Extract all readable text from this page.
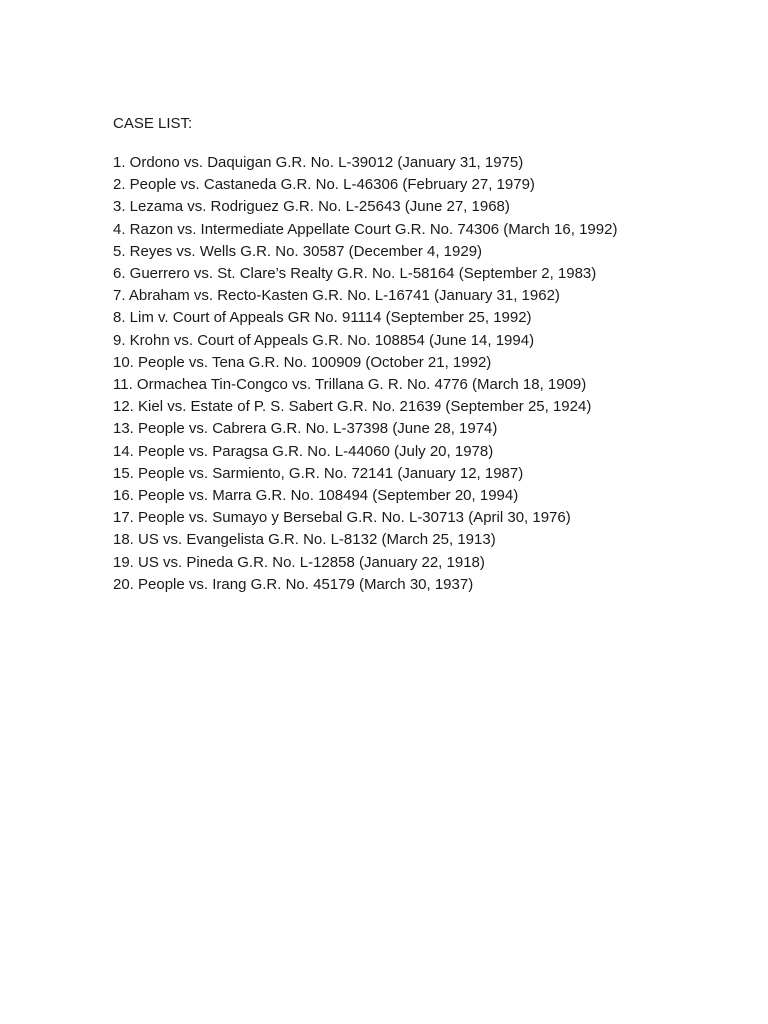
CASE LIST:
1. Ordono vs. Daquigan G.R. No. L-39012 (January 31, 1975)
2. People vs. Castaneda G.R. No. L-46306 (February 27, 1979)
3. Lezama vs. Rodriguez G.R. No. L-25643 (June 27, 1968)
4. Razon vs. Intermediate Appellate Court G.R. No. 74306 (March 16, 1992)
5. Reyes vs. Wells G.R. No. 30587 (December 4, 1929)
6. Guerrero vs. St. Clare’s Realty G.R. No. L-58164 (September 2, 1983)
7. Abraham vs. Recto-Kasten G.R. No. L-16741 (January 31, 1962)
8. Lim v. Court of Appeals GR No. 91114 (September 25, 1992)
9. Krohn vs. Court of Appeals G.R. No. 108854 (June 14, 1994)
10. People vs. Tena G.R. No. 100909 (October 21, 1992)
11. Ormachea Tin-Congco vs. Trillana G. R. No. 4776 (March 18, 1909)
12. Kiel vs. Estate of P. S. Sabert G.R. No. 21639 (September 25, 1924)
13. People vs. Cabrera G.R. No. L-37398 (June 28, 1974)
14. People vs. Paragsa G.R. No. L-44060 (July 20, 1978)
15. People vs. Sarmiento, G.R. No. 72141 (January 12, 1987)
16. People vs. Marra G.R. No. 108494 (September 20, 1994)
17. People vs. Sumayo y Bersebal G.R. No. L-30713 (April 30, 1976)
18. US vs. Evangelista G.R. No. L-8132 (March 25, 1913)
19. US vs. Pineda G.R. No. L-12858 (January 22, 1918)
20. People vs. Irang G.R. No. 45179 (March 30, 1937)
